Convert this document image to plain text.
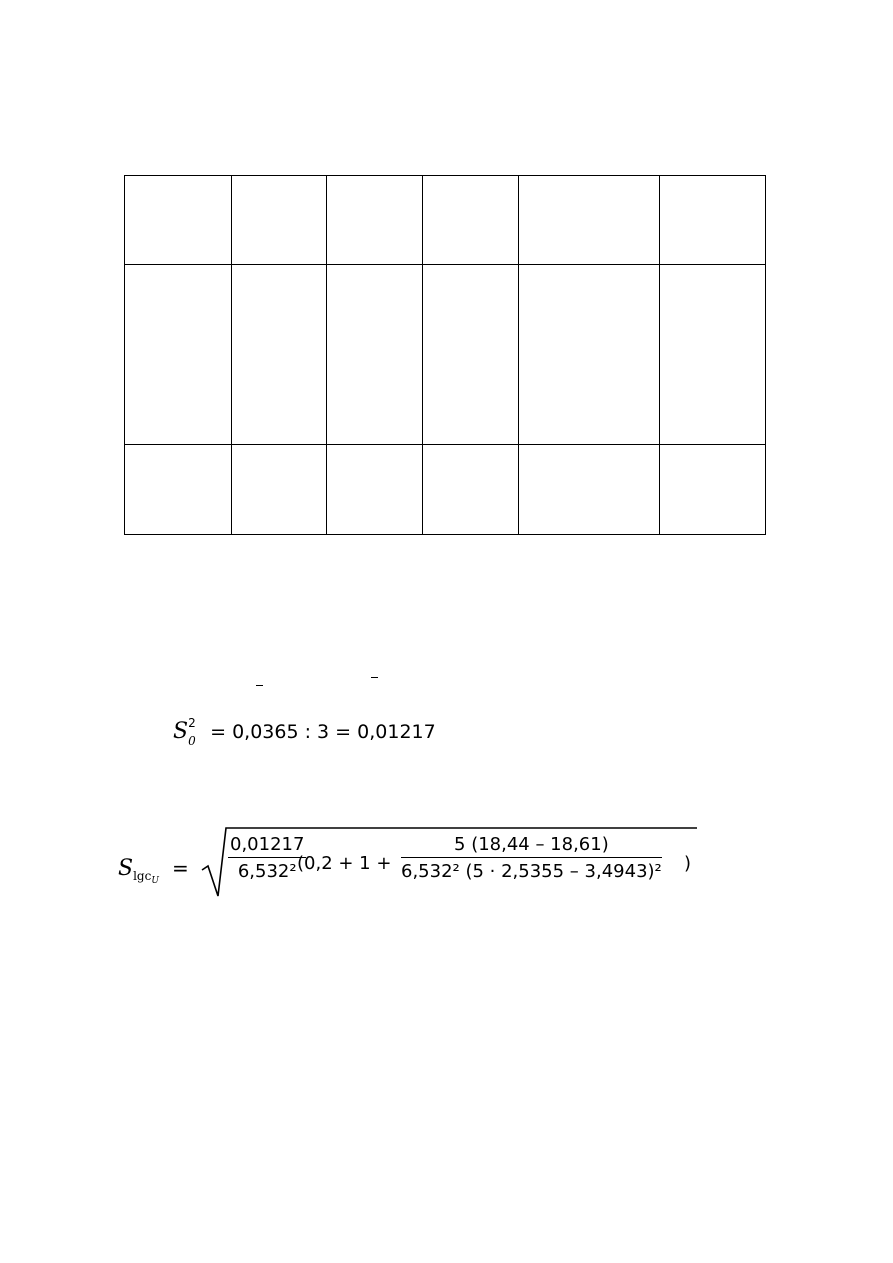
S 2
0 = 0,0365 : 3 = 0,01217
$S_{lgc_U} = \frac{0,01217}{\text{6,532²}}$
($0,2 + 1 + \frac{5 (18,44 - 18,61)}{\text{6,532² (5 · 2,5355 – 3,4943)²}}$ )
